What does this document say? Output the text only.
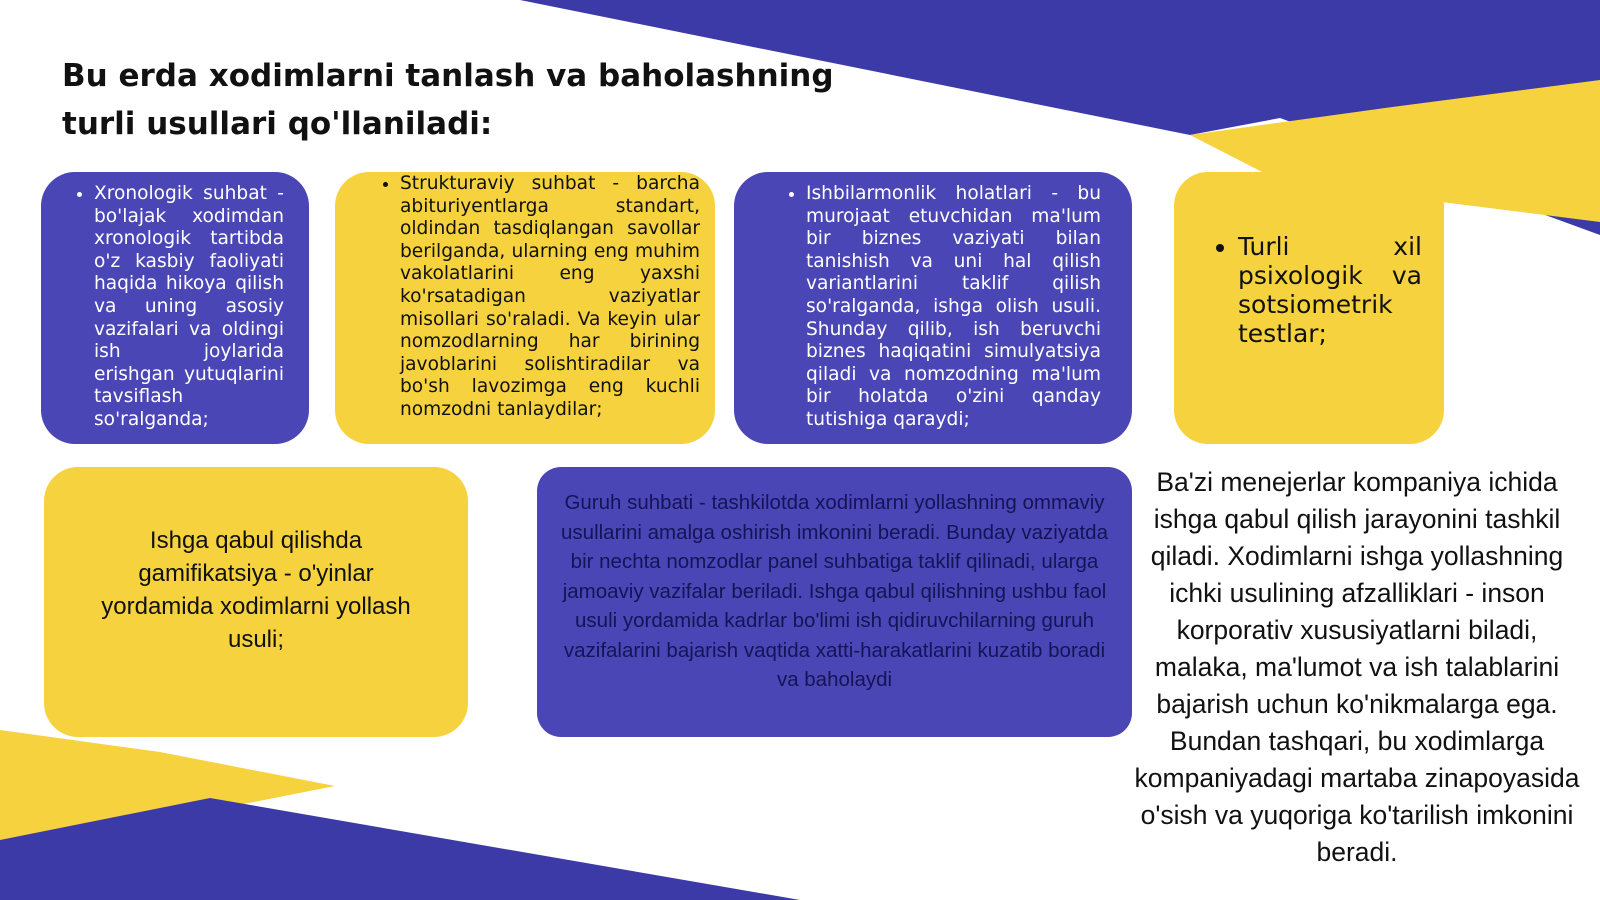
Bu erda xodimlarni tanlash va baholashning turli usullari qo'llaniladi:
• Xronologik suhbat - bo'lajak xodimdan xronologik tartibda o'z kasbiy faoliyati haqida hikoya qilish va uning asosiy vazifalari va oldingi ish joylarida erishgan yutuqlarini tavsiflash so'ralganda;
• Strukturaviy suhbat - barcha abituriyentlarga standart, oldindan tasdiqlangan savollar berilganda, ularning eng muhim vakolatlarini eng yaxshi ko'rsatadigan vaziyatlar misollari so'raladi. Va keyin ular nomzodlarning har birining javoblarini solishtiradilar va bo'sh lavozimga eng kuchli nomzodni tanlaydilar;
• Ishbilarmonlik holatlari - bu murojaat etuvchidan ma'lum bir biznes vaziyati bilan tanishish va uni hal qilish variantlarini taklif qilish so'ralganda, ishga olish usuli. Shunday qilib, ish beruvchi biznes haqiqatini simulyatsiya qiladi va nomzodning ma'lum bir holatda o'zini qanday tutishiga qaraydi;
• Turli xil psixologik va sotsiometrik testlar;
Ishga qabul qilishda gamifikatsiya - o'yinlar yordamida xodimlarni yollash usuli;
Guruh suhbati - tashkilotda xodimlarni yollashning ommaviy usullarini amalga oshirish imkonini beradi. Bunday vaziyatda bir nechta nomzodlar panel suhbatiga taklif qilinadi, ularga jamoaviy vazifalar beriladi. Ishga qabul qilishning ushbu faol usuli yordamida kadrlar bo'limi ish qidiruvchilarning guruh vazifalarini bajarish vaqtida xatti-harakatlarini kuzatib boradi va baholaydi

Ba'zi menejerlar kompaniya ichida ishga qabul qilish jarayonini tashkil qiladi. Xodimlarni ishga yollashning ichki usulining afzalliklari - inson korporativ xususiyatlarni biladi, malaka, ma'lumot va ish talablarini bajarish uchun ko'nikmalarga ega. Bundan tashqari, bu xodimlarga kompaniyadagi martaba zinapoyasida o'sish va yuqoriga ko'tarilish imkonini beradi.
